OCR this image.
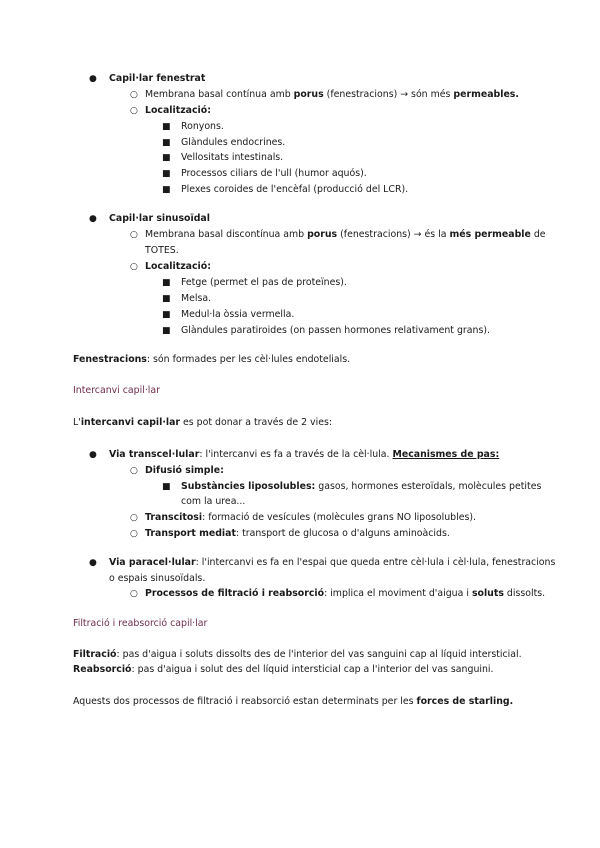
● Capil·lar fenestrat
○ Membrana basal contínua amb porus (fenestracions) → són més permeables.
○ Localització:
■ Ronyons.
■ Glàndules endocrines.
■ Vellositats intestinals.
■ Processos ciliars de l'ull (humor aquós).
■ Plexes coroides de l'encèfal (producció del LCR).
● Capil·lar sinusoïdal
○ Membrana basal discontínua amb porus (fenestracions) → és la més permeable de
TOTES.
○ Localització:
■ Fetge (permet el pas de proteïnes).
■ Melsa.
■ Medul·la òssia vermella.
■ Glàndules paratiroides (on passen hormones relativament grans).
Fenestracions: són formades per les cèl·lules endotelials.
Intercanvi capil·lar
L'intercanvi capil·lar es pot donar a través de 2 vies:
● Via transcel·lular: l'intercanvi es fa a través de la cèl·lula. Mecanismes de pas:
○ Difusió simple:
■ Substàncies liposolubles: gasos, hormones esteroïdals, molècules petites
com la urea...
○ Transcitosi: formació de vesícules (molècules grans NO liposolubles).
○ Transport mediat: transport de glucosa o d'alguns aminoàcids.
● Via paracel·lular: l'intercanvi es fa en l'espai que queda entre cèl·lula i cèl·lula, fenestracions
o espais sinusoïdals.
○ Processos de filtració i reabsorció: implica el moviment d'aigua i soluts dissolts.
Filtració i reabsorció capil·lar
Filtració: pas d'aigua i soluts dissolts des de l'interior del vas sanguini cap al líquid intersticial.
Reabsorció: pas d'aigua i solut des del líquid intersticial cap a l'interior del vas sanguini.
Aquests dos processos de filtració i reabsorció estan determinats per les forces de starling.
